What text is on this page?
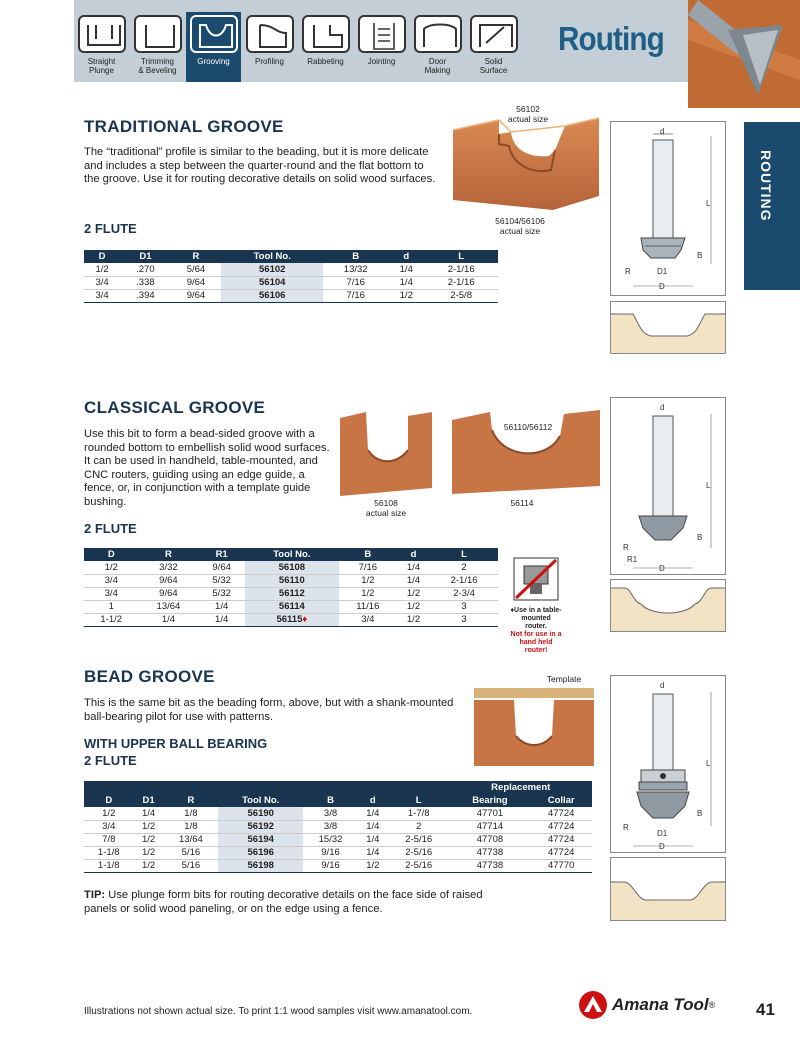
Straight
Plunge
Trimming
& Beveling
Grooving	Profiling	Rabbeting	Jointing	Door
Making
Solid
Surface
Routing
ROUTING
TRADITIONAL GROOVE
The “traditional” profile is similar to the beading, but it is more delicate and includes a step between the quarter-round and the flat bottom to the groove. Use it for routing decorative details on solid wood surfaces.
2 FLUTE
56102
actual size
56104/56106
actual size
D	D1	R	Tool No.	B	d	L
1/2	.270	5/64	56102	13/32	1/4	2-1/16
3/4	.338	9/64	56104	7/16	1/4	2-1/16
3/4	.394	9/64	56106	7/16	1/2	2-5/8
d
L
B
R	D1
D
CLASSICAL GROOVE
Use this bit to form a bead-sided groove with a rounded bottom to embellish solid wood surfaces. It can be used in handheld, table-mounted, and CNC routers, guiding using an edge guide, a fence, or, in conjunction with a template guide bushing.
2 FLUTE
56108
actual size
56110/56112
56114
D	R	R1	Tool No.	B	d	L
1/2	3/32	9/64	56108	7/16	1/4	2
3/4	9/64	5/32	56110	1/2	1/4	2-1/16
3/4	9/64	5/32	56112	1/2	1/2	2-3/4
1	13/64	1/4	56114	11/16	1/2	3
1-1/2	1/4	1/4	56115♦	3/4	1/2	3
♦Use in a table-
mounted router.
Not for use in a
hand held router!
d
L
B
R
R1
D
BEAD GROOVE
This is the same bit as the beading form, above, but with a shank-mounted ball-bearing pilot for use with patterns.
WITH UPPER BALL BEARING
2 FLUTE
Template
							Replacement	
D	D1	R	Tool No.	B	d	L	Bearing	Collar
1/2	1/4	1/8	56190	3/8	1/4	1-7/8	47701	47724
3/4	1/2	1/8	56192	3/8	1/4	2	47714	47724
7/8	1/2	13/64	56194	15/32	1/4	2-5/16	47708	47724
1-1/8	1/2	5/16	56196	9/16	1/4	2-5/16	47738	47724
1-1/8	1/2	5/16	56198	9/16	1/2	2-5/16	47738	47770
d
L
B
R
D1
D
TIP: Use plunge form bits for routing decorative details on the face side of raised panels or solid wood paneling, or on the edge using a fence.
Illustrations not shown actual size. To print 1:1 wood samples visit www.amanatool.com.	Amana Tool ® 41
